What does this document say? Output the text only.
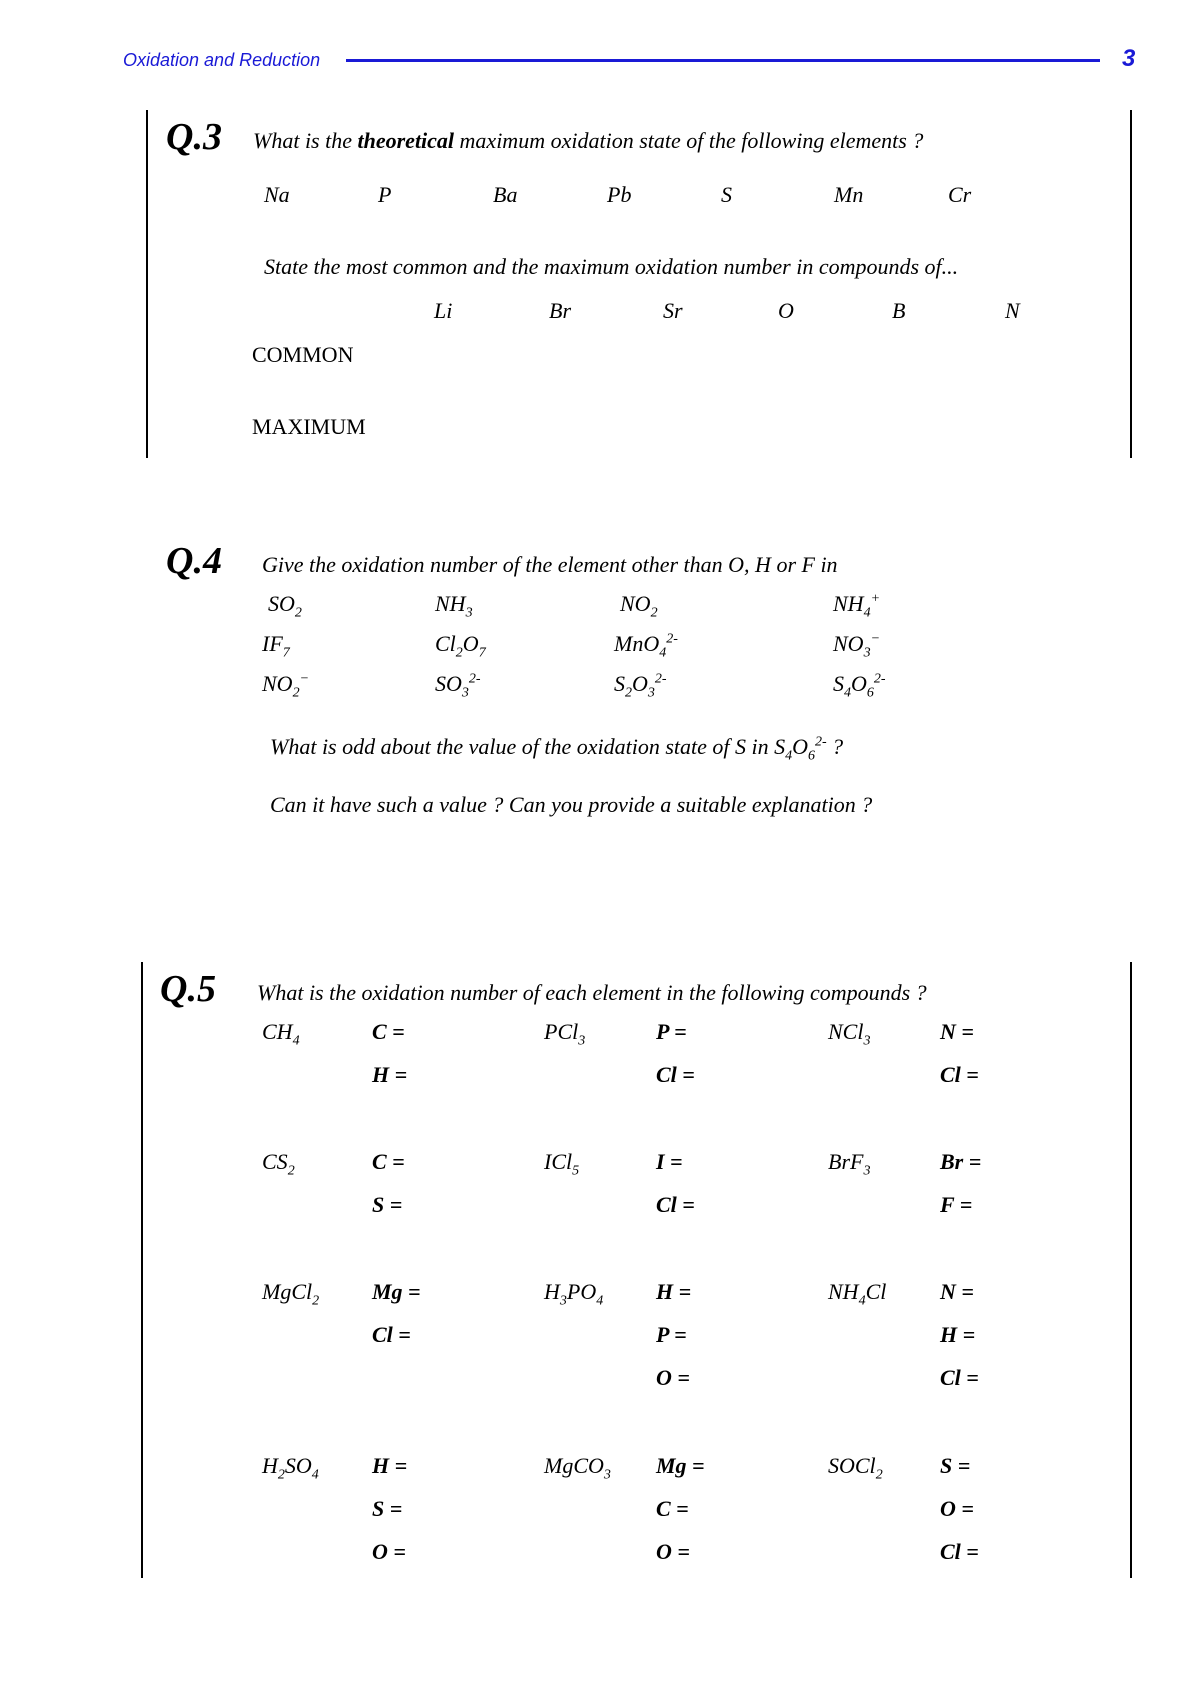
Oxidation and Reduction	3
Q.3 What is the theoretical maximum oxidation state of the following elements ?
Na	P	Ba	Pb	S	Mn	Cr
State the most common and the maximum oxidation number in compounds of...
Li	Br	Sr	O	B	N
COMMON
MAXIMUM
Q.4 Give the oxidation number of the element other than O, H or F in
$SO_2$	$NH_3$	$NO_2$	$NH_4^+$
$IF_7$	$Cl_2O_7$	MnO$_4^{2-}$	$NO_3^-$
$NO_2^-$	$SO_3^{2-}$	$S_2O_3^{2-}$	$S_4O_6^{2-}$
What is odd about the value of the oxidation state of S in $S_4O_6^{2-}$ ?
Can it have such a value ? Can you provide a suitable explanation ?
Q.5 What is the oxidation number of each element in the following compounds ?
$CH_4$	C =
H =
PCl$_3$	P =
Cl =
NCl$_3$	N =
Cl =
$CS_2$	C =
S =
ICl$_5$	I =
Cl =
BrF$_3$	Br =
F =
MgCl$_2$ Mg =
Cl =
$H_3PO_4$ H =
P =
O =
$NH_4Cl$ N =
H =
Cl =
$H_2SO_4$ H =
S =
O =
MgCO$_3$ Mg =
C =
O =
SOCl$_2$	S =
O =
Cl =
